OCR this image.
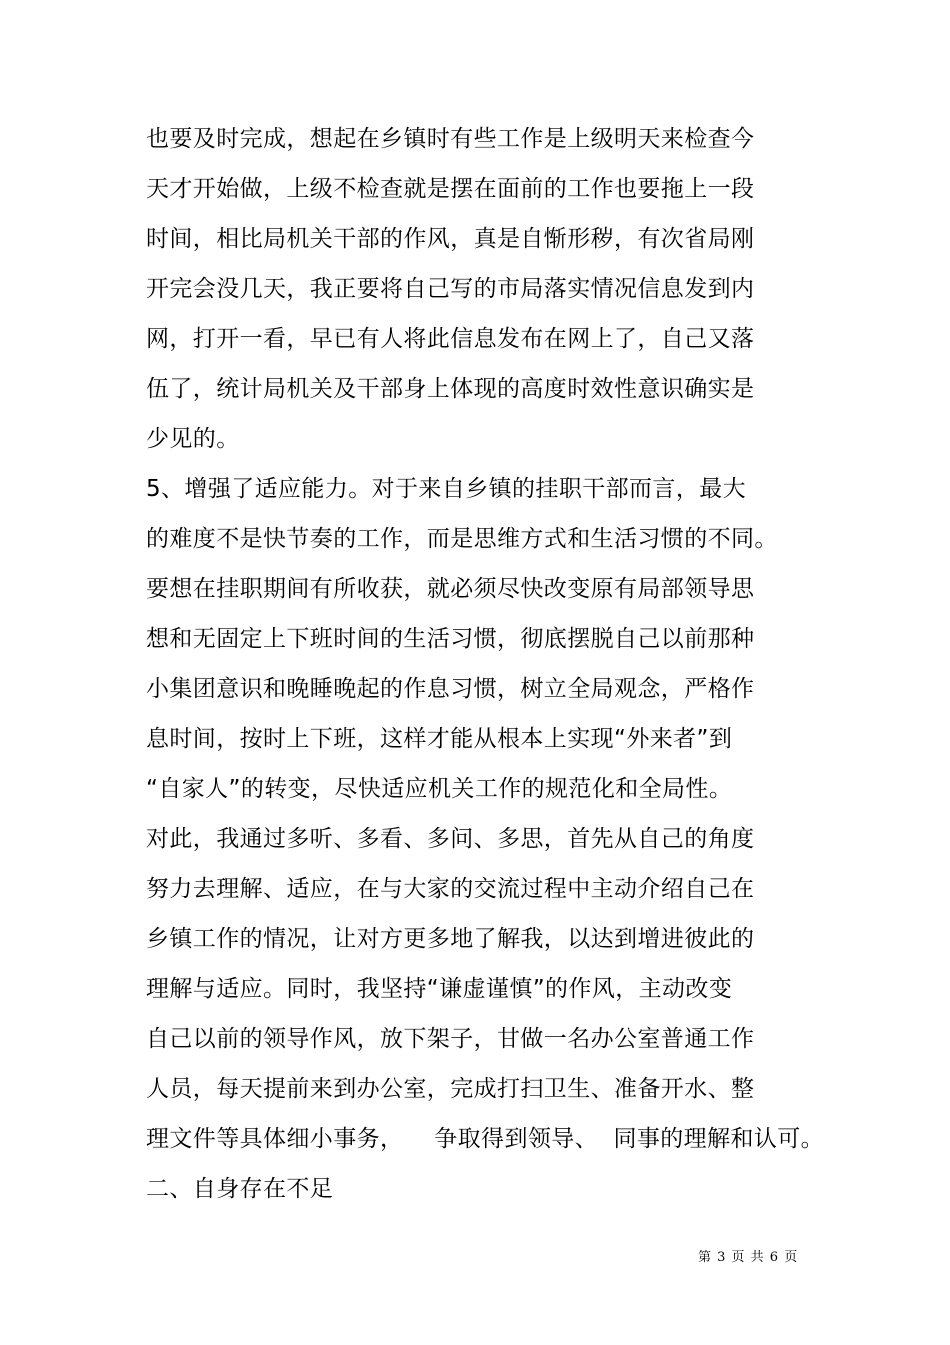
也要及时完成，想起在乡镇时有些工作是上级明天来检查今
天才开始做，上级不检查就是摆在面前的工作也要拖上一段
时间，相比局机关干部的作风，真是自惭形秽，有次省局刚
开完会没几天，我正要将自己写的市局落实情况信息发到内
网，打开一看，早已有人将此信息发布在网上了，自己又落
伍了，统计局机关及干部身上体现的高度时效性意识确实是
少见的。
5、增强了适应能力。对于来自乡镇的挂职干部而言，最大
的难度不是快节奏的工作，而是思维方式和生活习惯的不同。
要想在挂职期间有所收获，就必须尽快改变原有局部领导思
想和无固定上下班时间的生活习惯，彻底摆脱自己以前那种
小集团意识和晚睡晚起的作息习惯，树立全局观念，严格作
息时间，按时上下班，这样才能从根本上实现“外来者”到
“自家人”的转变，尽快适应机关工作的规范化和全局性。
对此，我通过多听、多看、多问、多思，首先从自己的角度
努力去理解、适应，在与大家的交流过程中主动介绍自己在
乡镇工作的情况，让对方更多地了解我，以达到增进彼此的
理解与适应。同时，我坚持“谦虚谨慎”的作风，主动改变
自己以前的领导作风，放下架子，甘做一名办公室普通工作
人员，每天提前来到办公室，完成打扫卫生、准备开水、整
理文件等具体细小事务，    争取得到领导、  同事的理解和认可。
二、自身存在不足
第 3 页 共 6 页
